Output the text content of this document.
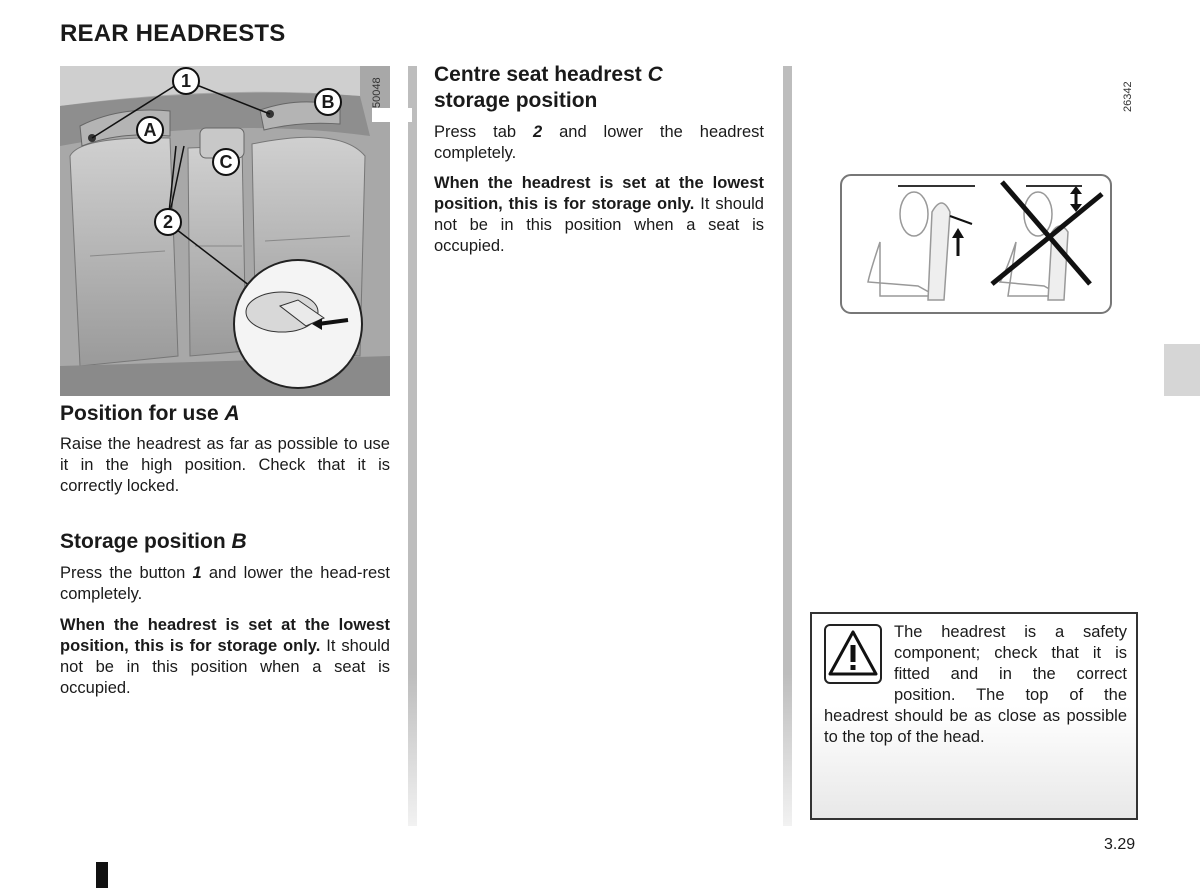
REAR HEADRESTS
1
B
A
C
2
50048
Position for use A
Raise the headrest as far as possible to use it in the high position. Check that it is correctly locked.
Storage position B
Press the button 1 and lower the head-rest completely.
When the headrest is set at the lowest position, this is for storage only. It should not be in this position when a seat is occupied.
Centre seat headrest C
storage position
Press tab 2 and lower the headrest completely.
When the headrest is set at the lowest position, this is for storage only. It should not be in this position when a seat is occupied.
26342
The headrest is a safety component; check that it is fitted and in the correct position. The top of the headrest should be as close as possible to the top of the head.
3.29
